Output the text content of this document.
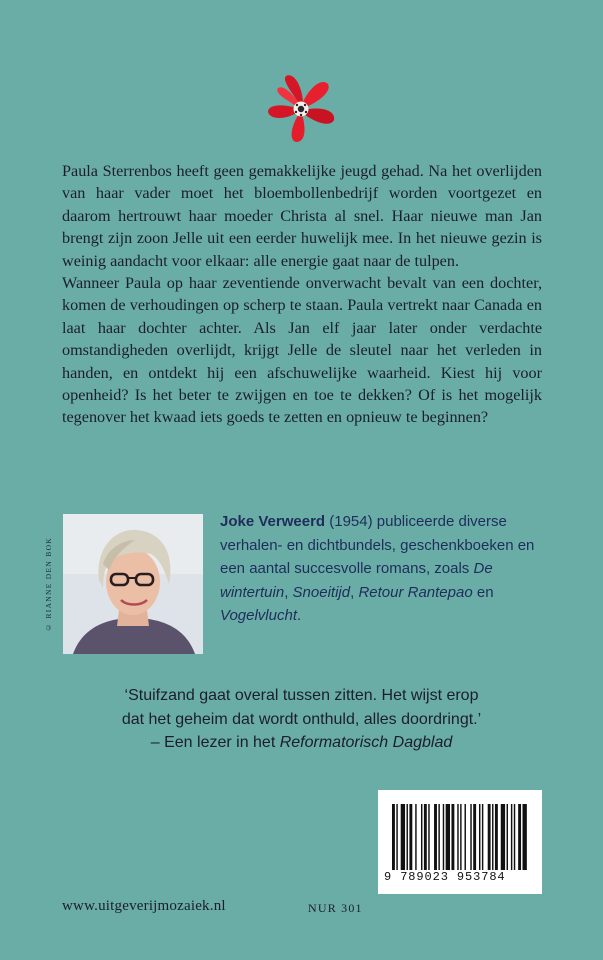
Paula Sterrenbos heeft geen gemakkelijke jeugd gehad. Na het overlijden van haar vader moet het bloembollenbedrijf worden voortgezet en daarom hertrouwt haar moeder Christa al snel. Haar nieuwe man Jan brengt zijn zoon Jelle uit een eerder huwelijk mee. In het nieuwe gezin is weinig aandacht voor elkaar: alle energie gaat naar de tulpen.

Wanneer Paula op haar zeventiende onverwacht bevalt van een dochter, komen de verhoudingen op scherp te staan. Paula vertrekt naar Canada en laat haar dochter achter. Als Jan elf jaar later onder verdachte omstandigheden overlijdt, krijgt Jelle de sleutel naar het verleden in handen, en ontdekt hij een afschuwelijke waarheid. Kiest hij voor openheid? Is het beter te zwijgen en toe te dekken? Of is het mogelijk tegenover het kwaad iets goeds te zetten en opnieuw te beginnen?

© RIANNE DEN BOK
Joke Verweerd (1954) publiceerde diverse verhalen- en dichtbundels, geschenkboeken en een aantal succesvolle romans, zoals De wintertuin, Snoeitijd, Retour Rantepao en Vogelvlucht.
‘Stuifzand gaat overal tussen zitten. Het wijst erop
dat het geheim dat wordt onthuld, alles doordringt.’
– Een lezer in het Reformatorisch Dagblad
9 789023 953784
www.uitgeverijmozaiek.nl	NUR 301
